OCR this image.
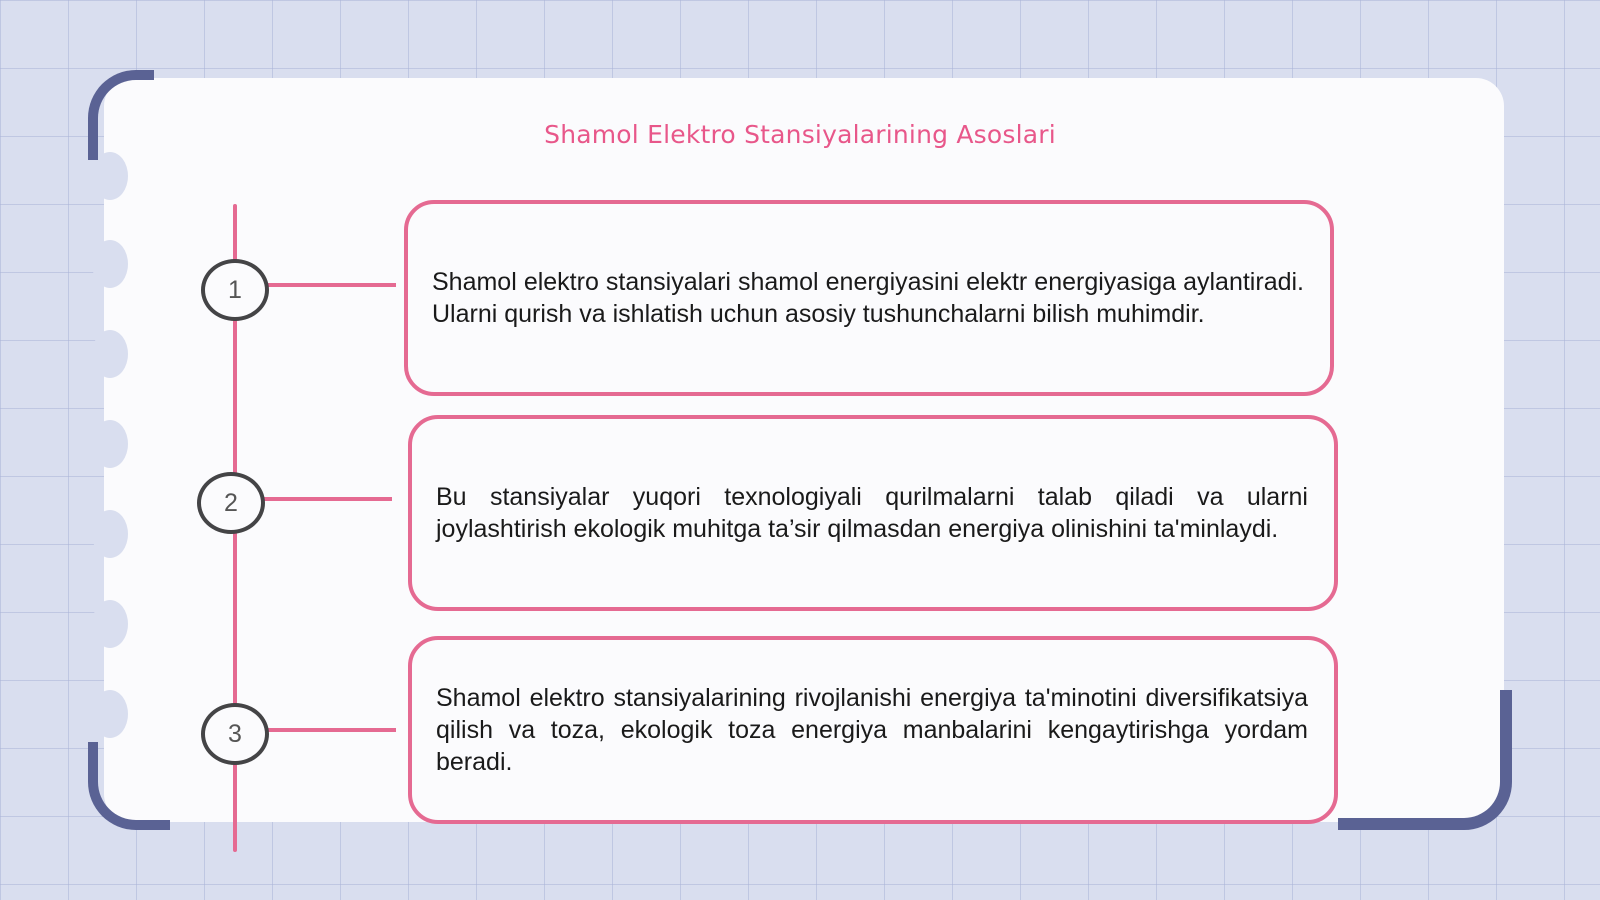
Shamol Elektro Stansiyalarining Asoslari
1
2
3

Shamol elektro stansiyalari shamol energiyasini elektr energiyasiga aylantiradi. Ularni qurish va ishlatish uchun asosiy tushunchalarni bilish muhimdir.

Bu stansiyalar yuqori texnologiyali qurilmalarni talab qiladi va ularni joylashtirish ekologik muhitga ta’sir qilmasdan energiya olinishini ta'minlaydi.

Shamol elektro stansiyalarining rivojlanishi energiya ta'minotini diversifikatsiya qilish va toza, ekologik toza energiya manbalarini kengaytirishga yordam beradi.
